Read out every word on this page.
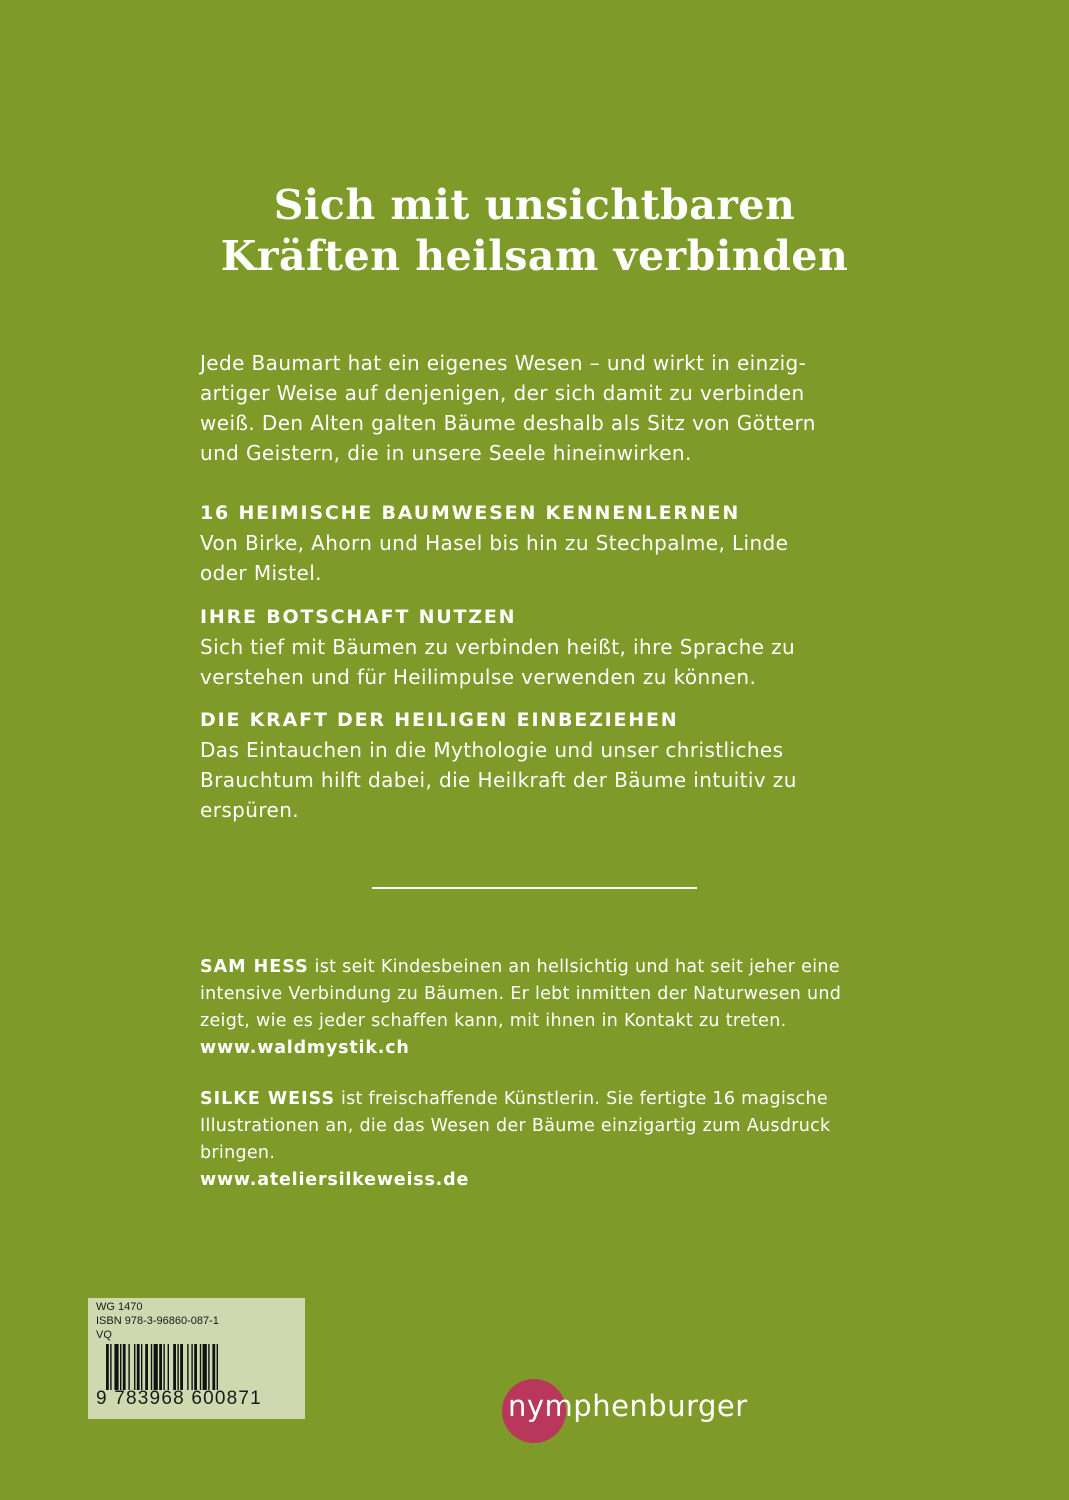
Sich mit unsichtbaren
Kräften heilsam verbinden

Jede Baumart hat ein eigenes Wesen – und wirkt in einzig-
artiger Weise auf denjenigen, der sich damit zu verbinden
weiß. Den Alten galten Bäume deshalb als Sitz von Göttern
und Geistern, die in unsere Seele hineinwirken.

16 HEIMISCHE BAUMWESEN KENNENLERNEN

Von Birke, Ahorn und Hasel bis hin zu Stechpalme, Linde
oder Mistel.

IHRE BOTSCHAFT NUTZEN

Sich tief mit Bäumen zu verbinden heißt, ihre Sprache zu
verstehen und für Heilimpulse verwenden zu können.

DIE KRAFT DER HEILIGEN EINBEZIEHEN

Das Eintauchen in die Mythologie und unser christliches
Brauchtum hilft dabei, die Heilkraft der Bäume intuitiv zu
erspüren.

SAM HESS ist seit Kindesbeinen an hellsichtig und hat seit jeher eine
intensive Verbindung zu Bäumen. Er lebt inmitten der Naturwesen und
zeigt, wie es jeder schaffen kann, mit ihnen in Kontakt zu treten.
www.waldmystik.ch

SILKE WEISS ist freischaffende Künstlerin. Sie fertigte 16 magische
Illustrationen an, die das Wesen der Bäume einzigartig zum Ausdruck
bringen.
www.ateliersilkeweiss.de

WG 1470
ISBN 978-3-96860-087-1
VQ
9 783968 600871	nymphenburger
